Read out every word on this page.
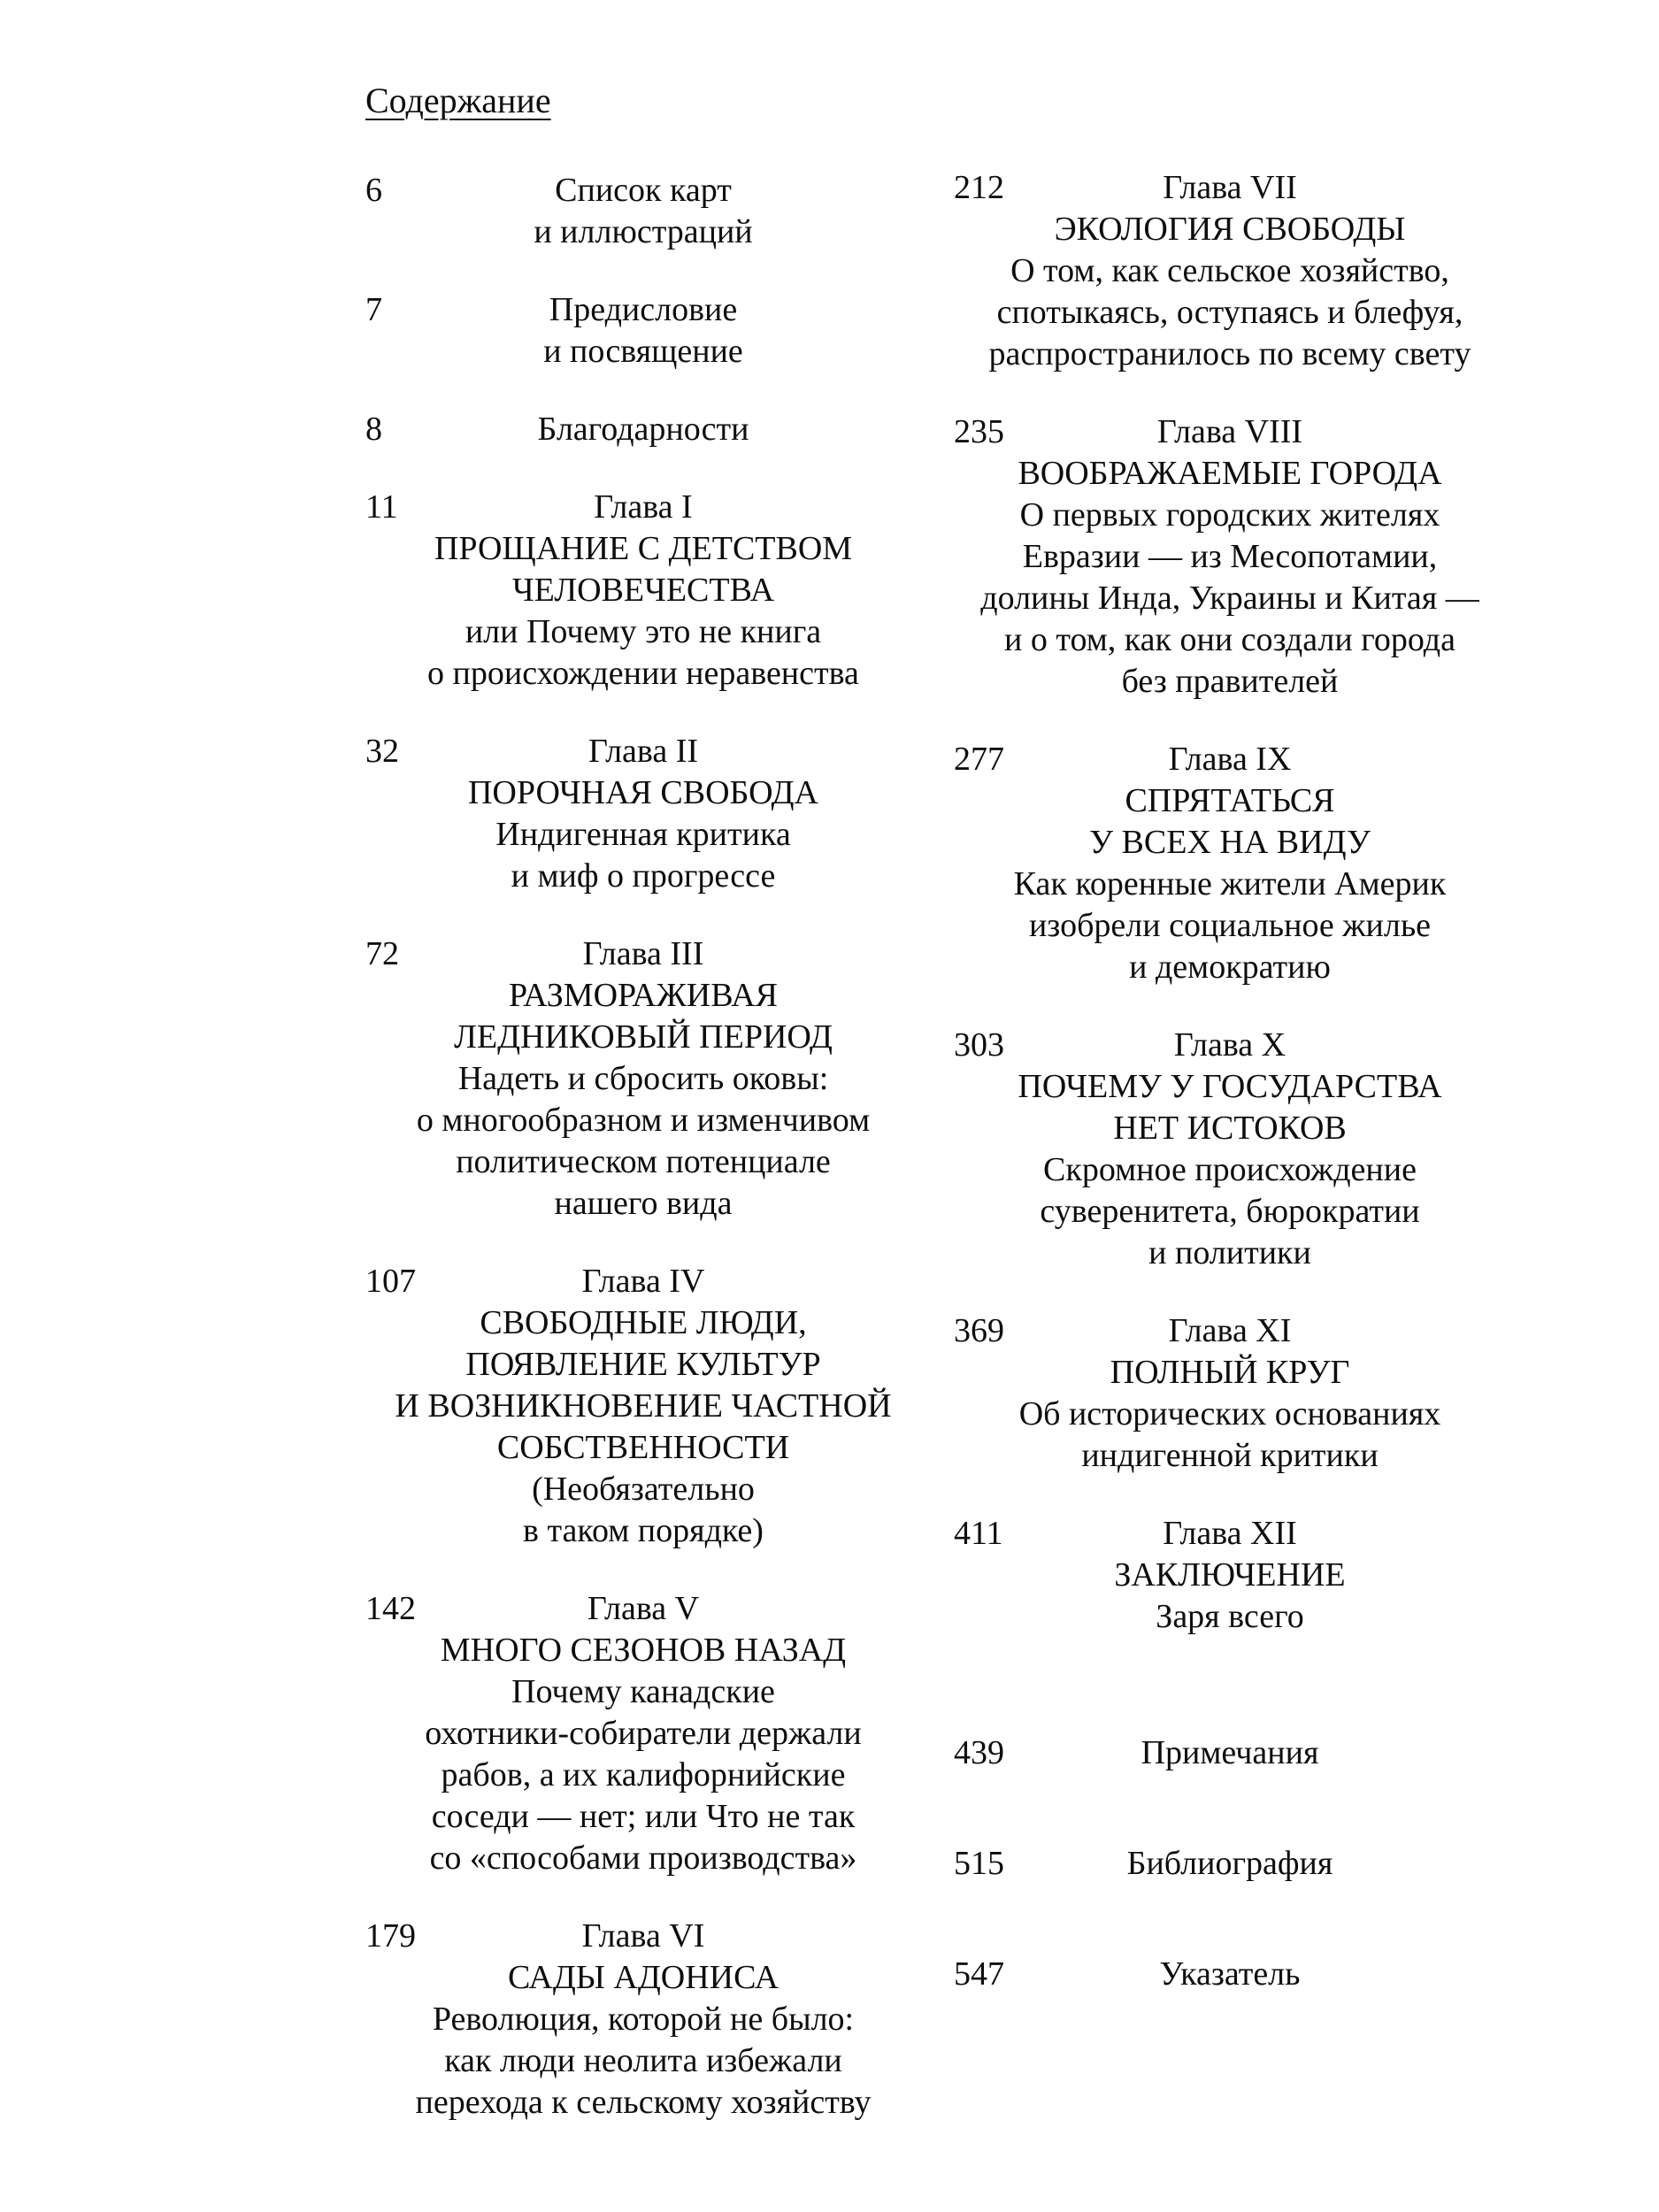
Содержание
6	Список карт
и иллюстраций
7	Предисловие
и посвящение
8	Благодарности
11	Глава I
ПРОЩАНИЕ С ДЕТСТВОМ
ЧЕЛОВЕЧЕСТВА
или Почему это не книга
о происхождении неравенства
32	Глава II
ПОРОЧНАЯ СВОБОДА
Индигенная критика
и миф о прогрессе
72	Глава III
РАЗМОРАЖИВАЯ
ЛЕДНИКОВЫЙ ПЕРИОД
Надеть и сбросить оковы:
о многообразном и изменчивом
политическом потенциале
нашего вида
107	Глава IV
СВОБОДНЫЕ ЛЮДИ,
ПОЯВЛЕНИЕ КУЛЬТУР
И ВОЗНИКНОВЕНИЕ ЧАСТНОЙ
СОБСТВЕННОСТИ
(Необязательно
в таком порядке)
142	Глава V
МНОГО СЕЗОНОВ НАЗАД
Почему канадские
охотники-собиратели держали
рабов, а их калифорнийские
соседи — нет; или Что не так
со «способами производства»
179	Глава VI
САДЫ АДОНИСА
Революция, которой не было:
как люди неолита избежали
перехода к сельскому хозяйству
212	Глава VII
ЭКОЛОГИЯ СВОБОДЫ
О том, как сельское хозяйство,
спотыкаясь, оступаясь и блефуя,
распространилось по всему свету
235	Глава VIII
ВООБРАЖАЕМЫЕ ГОРОДА
О первых городских жителях
Евразии — из Месопотамии,
долины Инда, Украины и Китая —
и о том, как они создали города
без правителей
277	Глава IX
СПРЯТАТЬСЯ
У ВСЕХ НА ВИДУ
Как коренные жители Америк
изобрели социальное жилье
и демократию
303	Глава X
ПОЧЕМУ У ГОСУДАРСТВА
НЕТ ИСТОКОВ
Скромное происхождение
суверенитета, бюрократии
и политики
369	Глава XI
ПОЛНЫЙ КРУГ
Об исторических основаниях
индигенной критики
411	Глава XII
ЗАКЛЮЧЕНИЕ
Заря всего
439	Примечания
515	Библиография
547	Указатель
